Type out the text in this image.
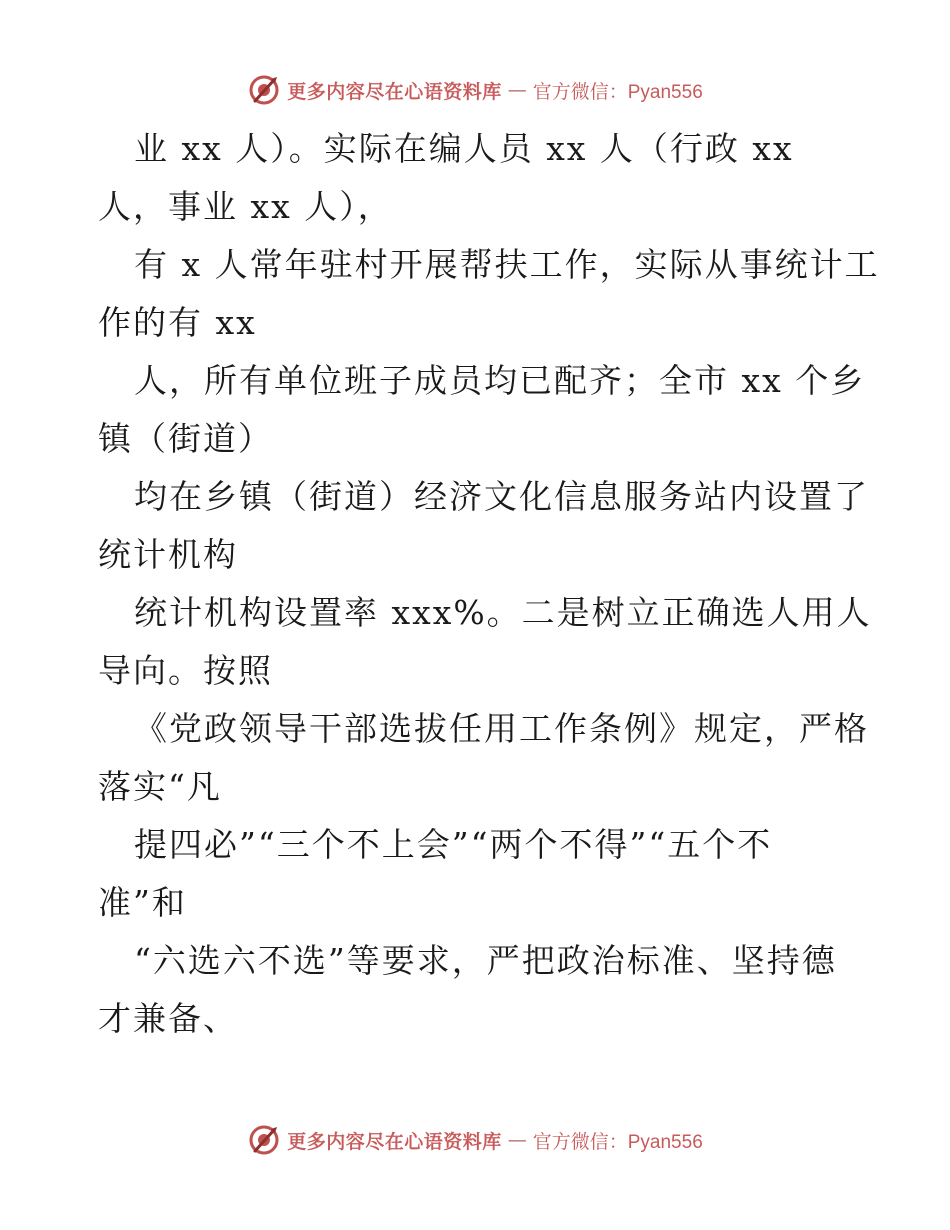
更多内容尽在心语资料库 — 官方微信：Pyan556
业 xx 人）。实际在编人员 xx 人（行政 xx
人，事业 xx 人），
有 x 人常年驻村开展帮扶工作，实际从事统计工
作的有 xx
人，所有单位班子成员均已配齐；全市 xx 个乡
镇（街道）
均在乡镇（街道）经济文化信息服务站内设置了
统计机构
统计机构设置率 xxx%。二是树立正确选人用人
导向。按照
《党政领导干部选拔任用工作条例》规定，严格
落实“凡
提四必”“三个不上会”“两个不得”“五个不
准”和
“六选六不选”等要求，严把政治标准、坚持德
才兼备、
更多内容尽在心语资料库 — 官方微信：Pyan556
